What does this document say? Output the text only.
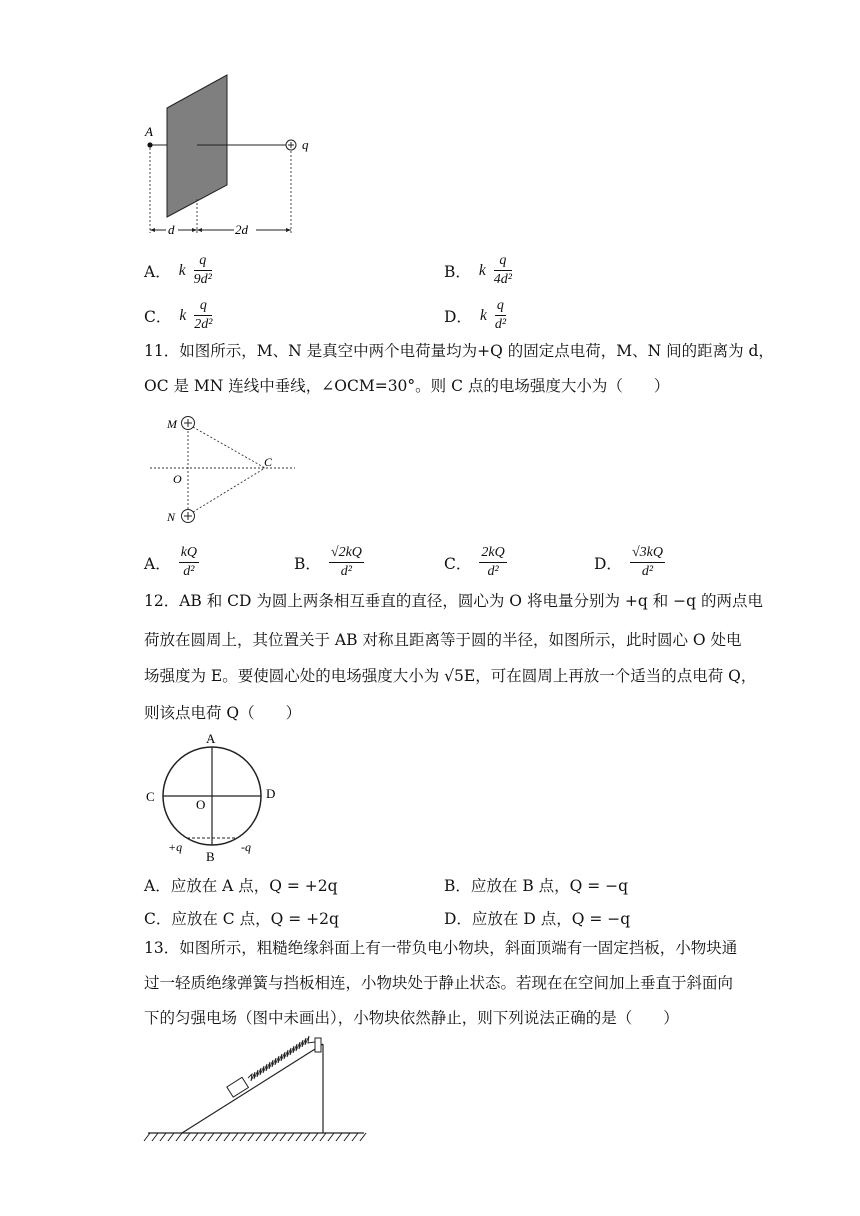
A
q
d	2d
A． k $\frac{q}{\text{9d²}}$	B． k $\frac{q}{\text{4d²}}$
C． k $\frac{q}{\text{2d²}}$	D． k $\frac{q}{\text{d²}}$
11．如图所示，M、N 是真空中两个电荷量均为+Q 的固定点电荷，M、N 间的距离为 d，
OC 是 MN 连线中垂线，∠OCM=30°。则 C 点的电场强度大小为（　　）
M
N
O
C
A． $\frac{kQ}{\text{d²}}$	B． $\frac{√2kQ}{\text{d²}}$	C． $\frac{2kQ}{\text{d²}}$	D． $\frac{√3kQ}{\text{d²}}$
12．AB 和 CD 为圆上两条相互垂直的直径，圆心为 O 将电量分别为 +q 和 −q 的两点电
荷放在圆周上，其位置关于 AB 对称且距离等于圆的半径，如图所示，此时圆心 O 处电
场强度为 E。要使圆心处的电场强度大小为 √5E，可在圆周上再放一个适当的点电荷 Q，
则该点电荷 Q（　　）
A
B
C	D
O
+q	-q
A．应放在 A 点，Q = +2q	B．应放在 B 点，Q = −q
C．应放在 C 点，Q = +2q	D．应放在 D 点，Q = −q
13．如图所示，粗糙绝缘斜面上有一带负电小物块，斜面顶端有一固定挡板，小物块通
过一轻质绝缘弹簧与挡板相连，小物块处于静止状态。若现在在空间加上垂直于斜面向
下的匀强电场（图中未画出），小物块依然静止，则下列说法正确的是（　　）
